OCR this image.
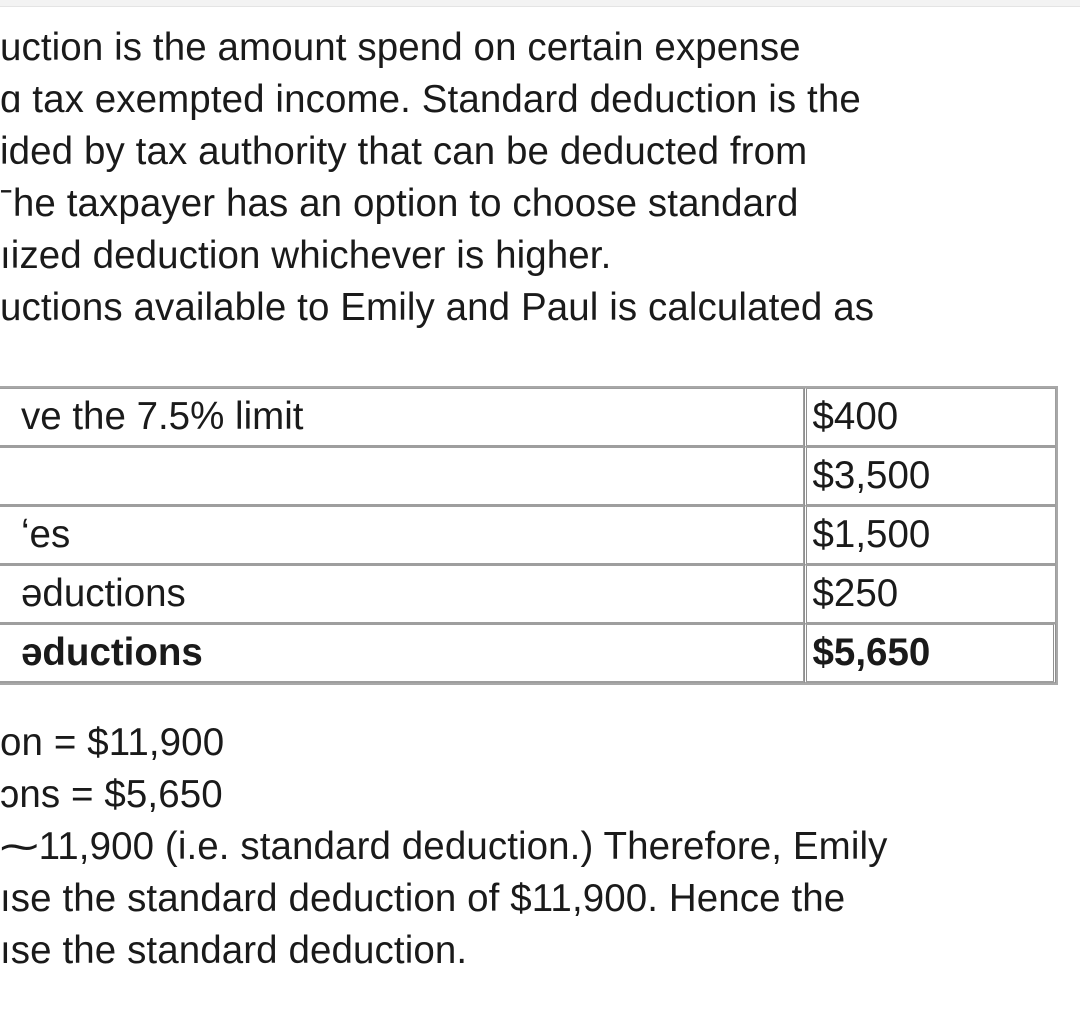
uction is the amount spend on certain expense
ɑ tax exempted income. Standard deduction is the
ided by tax authority that can be deducted from
ˉhe taxpayer has an option to choose standard
ıized deduction whichever is higher.
uctions available to Emily and Paul is calculated as
ve the 7.5% limit	$400
	$3,500
ʻes	$1,500
əductions	$250
əductions	$5,650
on = $11,900
ɔns = $5,650
⁓11,900 (i.e. standard deduction.) Therefore, Emily
ıse the standard deduction of $11,900. Hence the
ıse the standard deduction.
